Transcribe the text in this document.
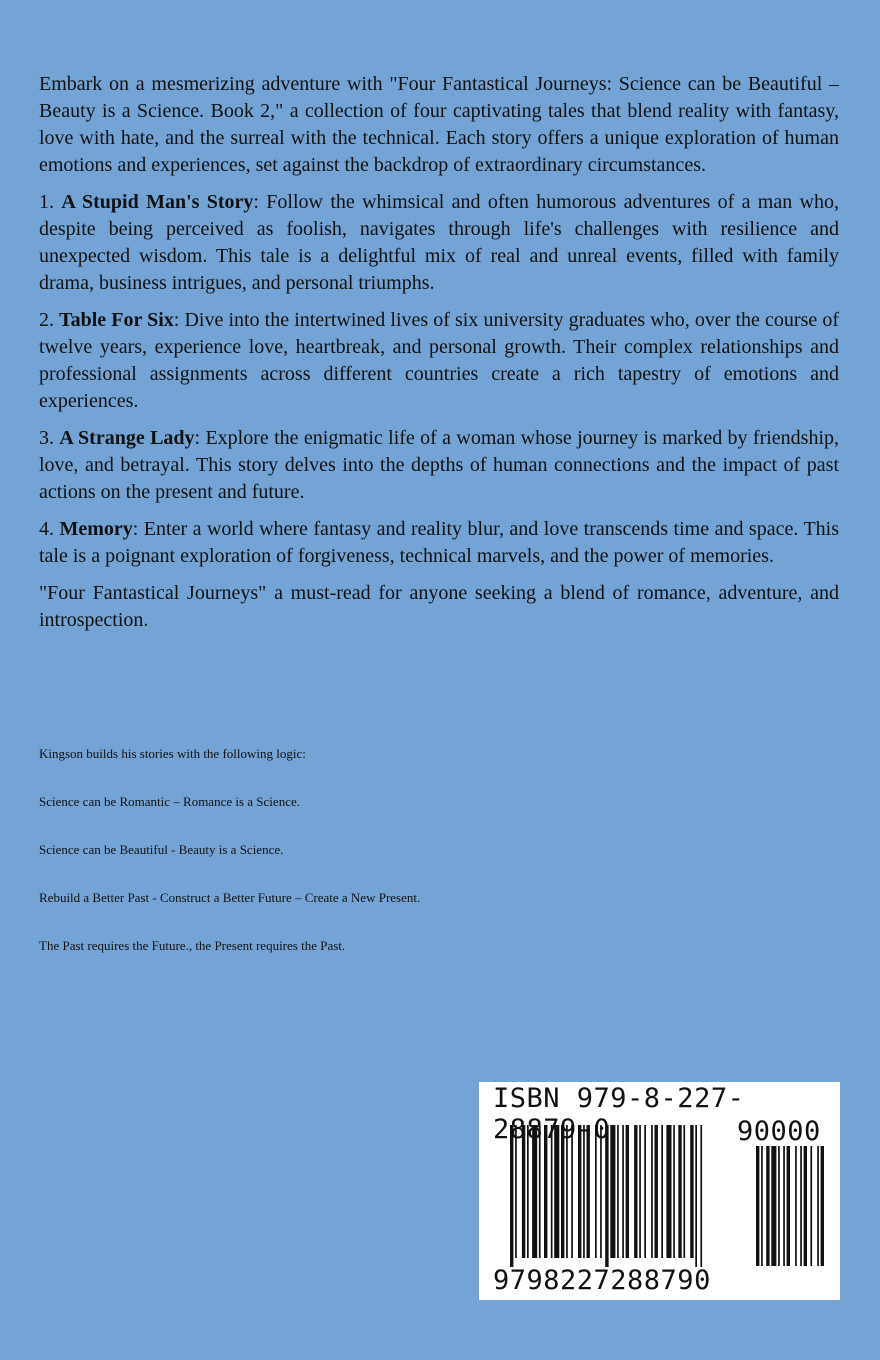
Embark on a mesmerizing adventure with "Four Fantastical Journeys: Science can be Beautiful – Beauty is a Science. Book 2," a collection of four captivating tales that blend reality with fantasy, love with hate, and the surreal with the technical. Each story offers a unique exploration of human emotions and experiences, set against the backdrop of extraordinary circumstances.

1. A Stupid Man's Story: Follow the whimsical and often humorous adventures of a man who, despite being perceived as foolish, navigates through life's challenges with resilience and unexpected wisdom. This tale is a delightful mix of real and unreal events, filled with family drama, business intrigues, and personal triumphs.

2. Table For Six: Dive into the intertwined lives of six university graduates who, over the course of twelve years, experience love, heartbreak, and personal growth. Their complex relationships and professional assignments across different countries create a rich tapestry of emotions and experiences.

3. A Strange Lady: Explore the enigmatic life of a woman whose journey is marked by friendship, love, and betrayal. This story delves into the depths of human connections and the impact of past actions on the present and future.

4. Memory: Enter a world where fantasy and reality blur, and love transcends time and space. This tale is a poignant exploration of forgiveness, technical marvels, and the power of memories.

"Four Fantastical Journeys" a must-read for anyone seeking a blend of romance, adventure, and introspection.

Kingson builds his stories with the following logic:

Science can be Romantic – Romance is a Science.

Science can be Beautiful - Beauty is a Science.

Rebuild a Better Past - Construct a Better Future – Create a New Present.

The Past requires the Future., the Present requires the Past.

ISBN 979-8-227-28879-0	90000
9798227288790
